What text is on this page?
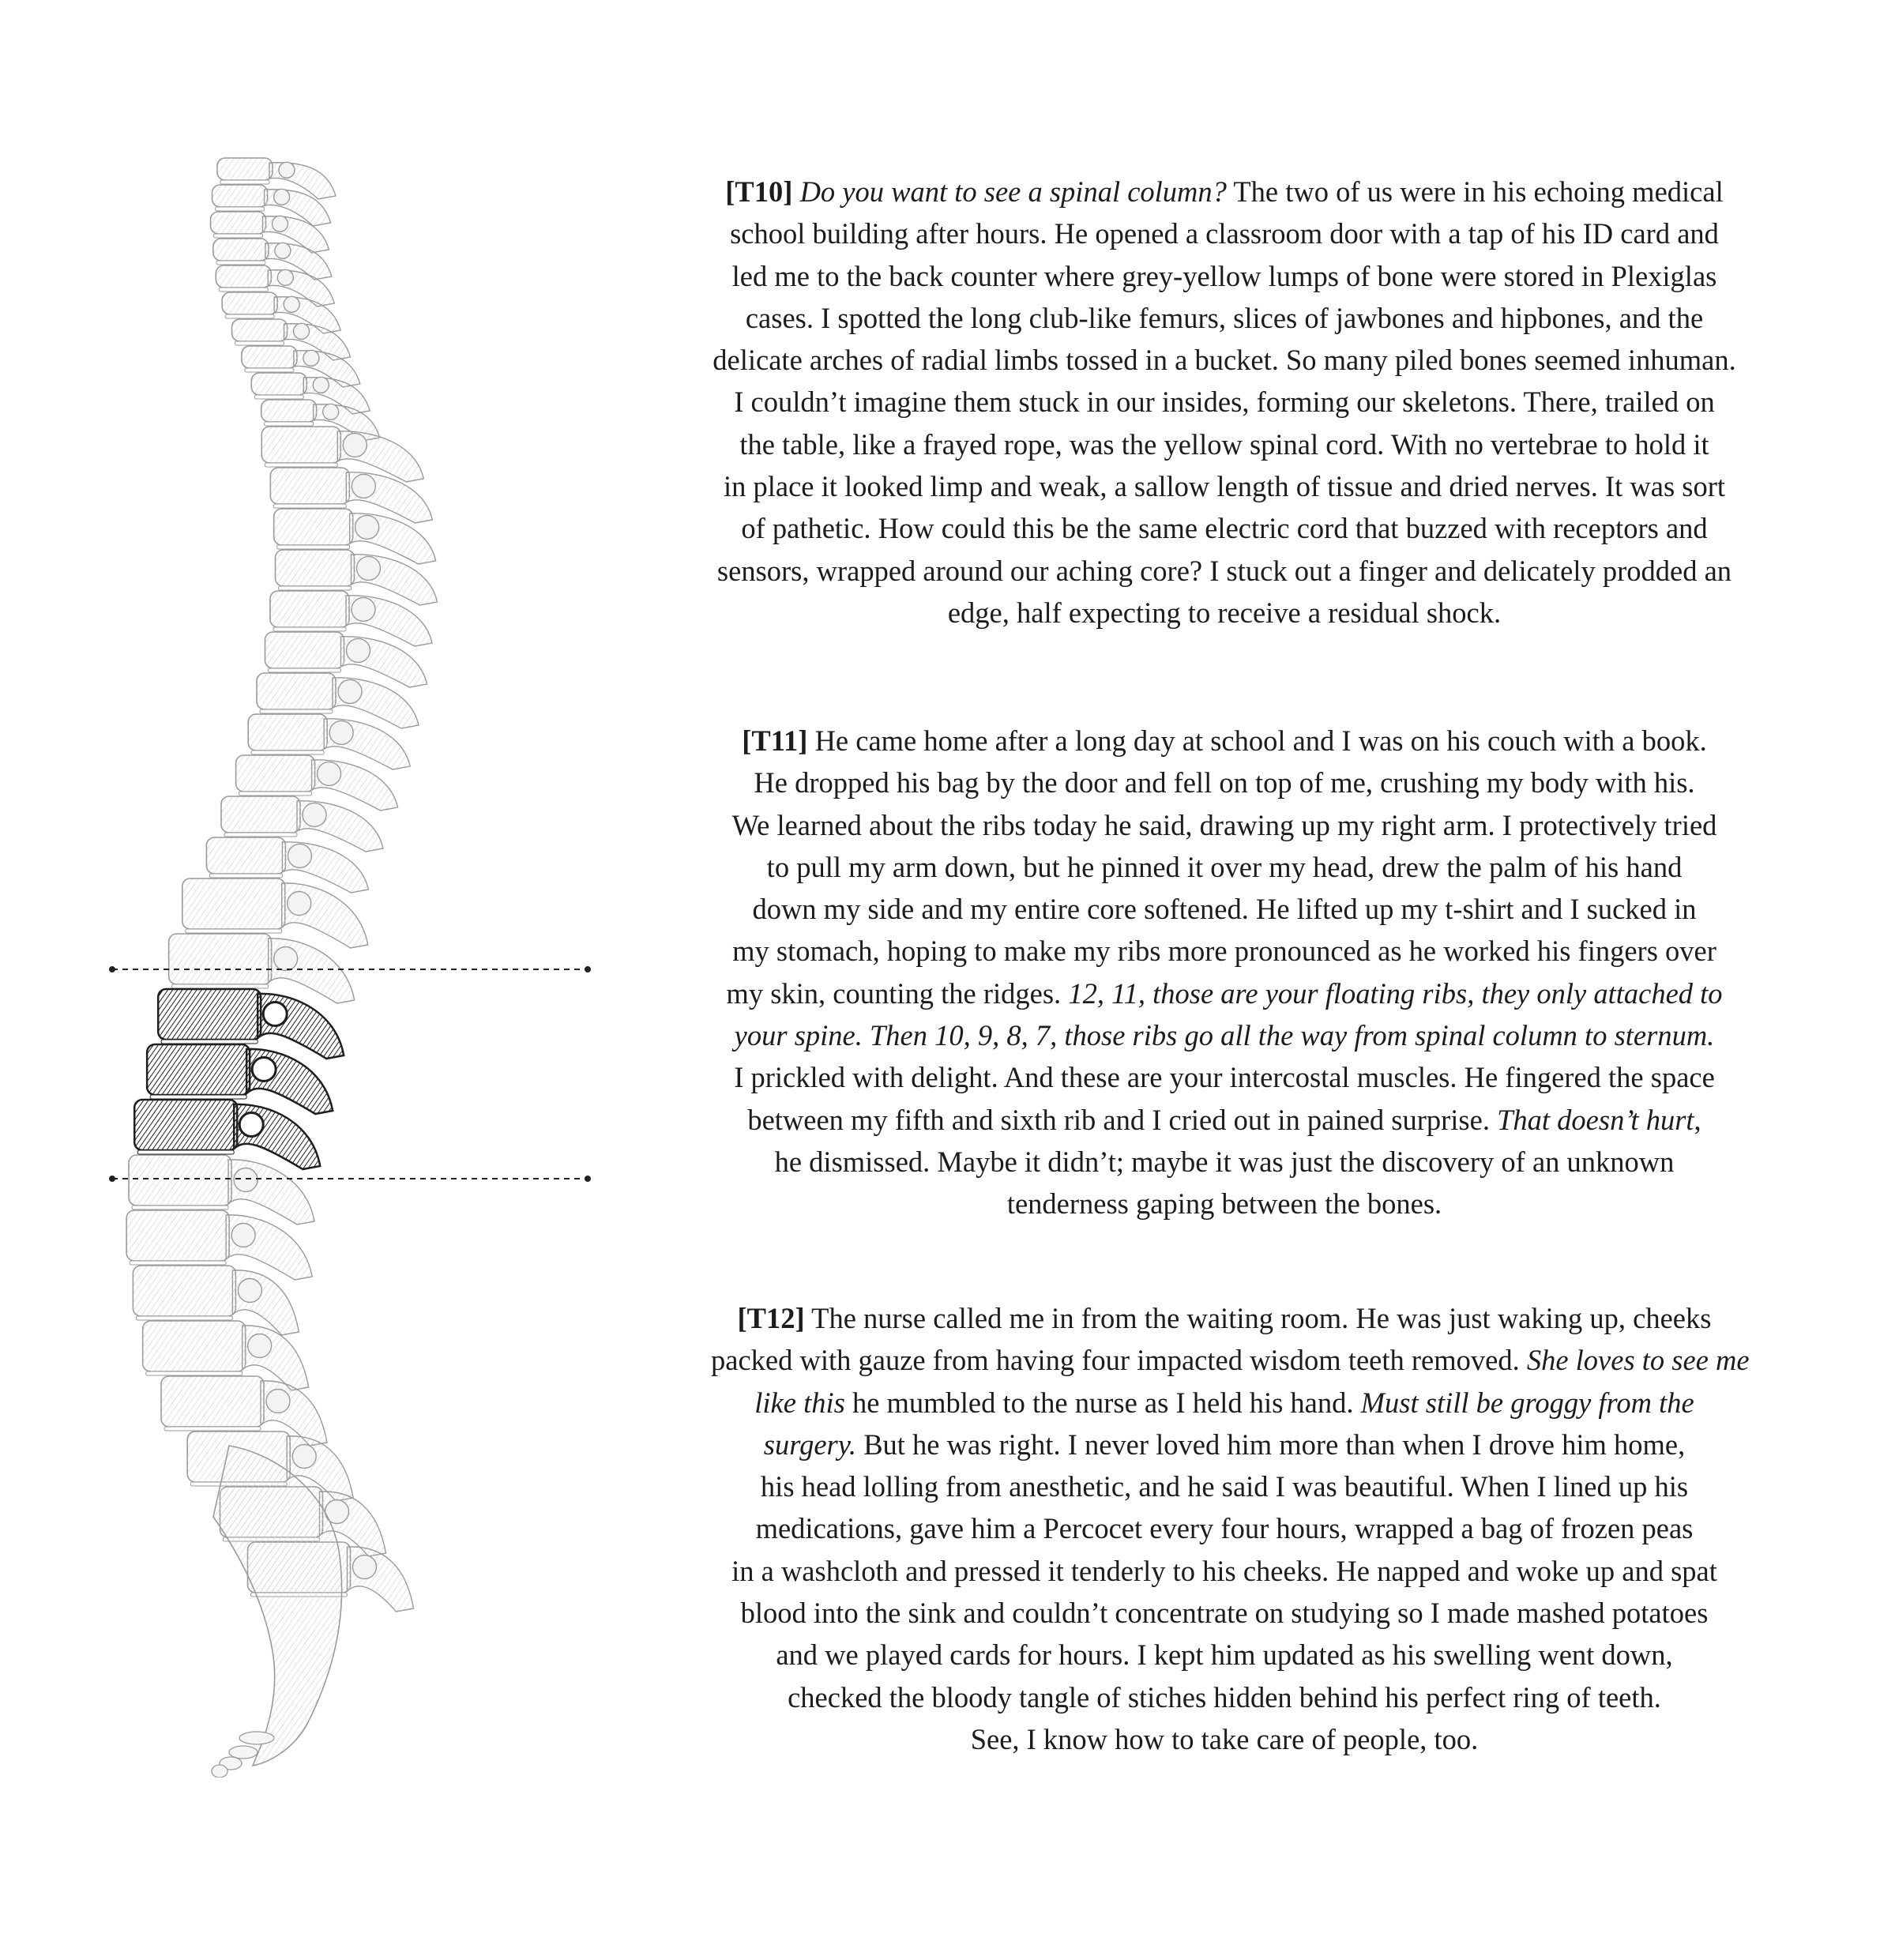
[T10] Do you want to see a spinal column? The two of us were in his echoing medical
school building after hours. He opened a classroom door with a tap of his ID card and
led me to the back counter where grey-yellow lumps of bone were stored in Plexiglas
cases. I spotted the long club-like femurs, slices of jawbones and hipbones, and the
delicate arches of radial limbs tossed in a bucket. So many piled bones seemed inhuman.
I couldn’t imagine them stuck in our insides, forming our skeletons. There, trailed on
the table, like a frayed rope, was the yellow spinal cord. With no vertebrae to hold it
in place it looked limp and weak, a sallow length of tissue and dried nerves. It was sort
of pathetic. How could this be the same electric cord that buzzed with receptors and
sensors, wrapped around our aching core? I stuck out a finger and delicately prodded an
edge, half expecting to receive a residual shock.
[T11] He came home after a long day at school and I was on his couch with a book.
He dropped his bag by the door and fell on top of me, crushing my body with his.
We learned about the ribs today he said, drawing up my right arm. I protectively tried
to pull my arm down, but he pinned it over my head, drew the palm of his hand
down my side and my entire core softened. He lifted up my t-shirt and I sucked in
my stomach, hoping to make my ribs more pronounced as he worked his fingers over
my skin, counting the ridges. 12, 11, those are your floating ribs, they only attached to
your spine. Then 10, 9, 8, 7, those ribs go all the way from spinal column to sternum.
I prickled with delight. And these are your intercostal muscles. He fingered the space
between my fifth and sixth rib and I cried out in pained surprise. That doesn’t hurt,
he dismissed. Maybe it didn’t; maybe it was just the discovery of an unknown
tenderness gaping between the bones.
[T12] The nurse called me in from the waiting room. He was just waking up, cheeks
packed with gauze from having four impacted wisdom teeth removed. She loves to see me
like this he mumbled to the nurse as I held his hand. Must still be groggy from the
surgery. But he was right. I never loved him more than when I drove him home,
his head lolling from anesthetic, and he said I was beautiful. When I lined up his
medications, gave him a Percocet every four hours, wrapped a bag of frozen peas
in a washcloth and pressed it tenderly to his cheeks. He napped and woke up and spat
blood into the sink and couldn’t concentrate on studying so I made mashed potatoes
and we played cards for hours. I kept him updated as his swelling went down,
checked the bloody tangle of stiches hidden behind his perfect ring of teeth.
See, I know how to take care of people, too.
